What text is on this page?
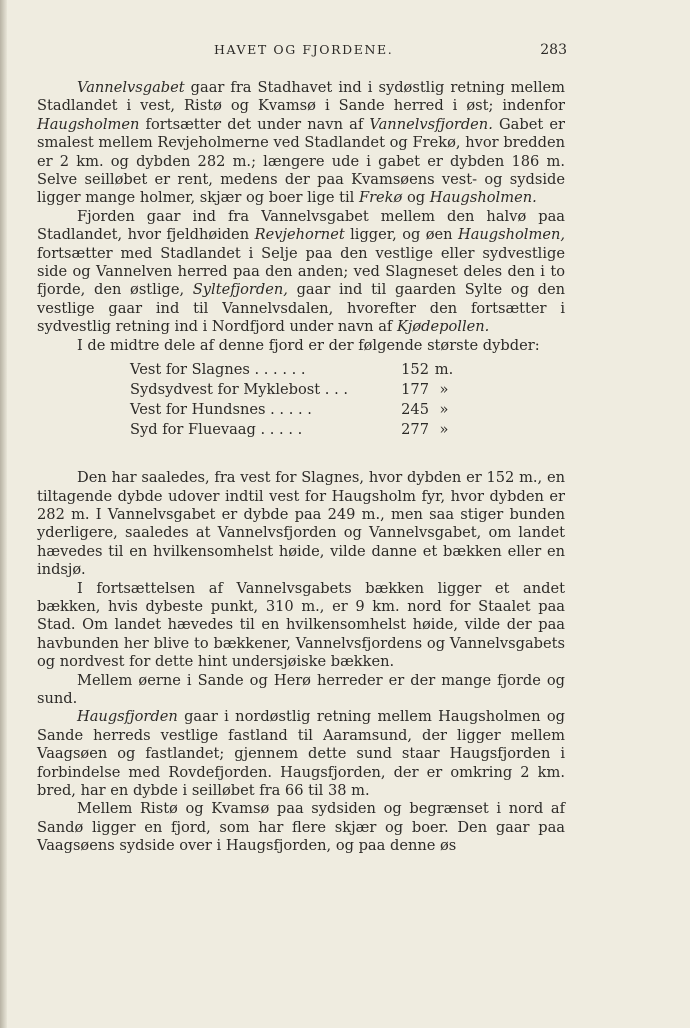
HAVET OG FJORDENE.	283

Vannelvsgabet gaar fra Stadhavet ind i sydøstlig retning mellem Stadlandet i vest, Ristø og Kvamsø i Sande herred i øst; indenfor Haugsholmen fortsætter det under navn af Vannelvsfjorden. Gabet er smalest mellem Revjeholmerne ved Stadlandet og Frekø, hvor bredden er 2 km. og dybden 282 m.; længere ude i gabet er dybden 186 m. Selve seilløbet er rent, medens der paa Kvamsøens vest- og sydside ligger mange holmer, skjær og boer lige til Frekø og Haugsholmen.

Fjorden gaar ind fra Vannelvsgabet mellem den halvø paa Stadlandet, hvor fjeldhøiden Revjehornet ligger, og øen Haugsholmen, fortsætter med Stadlandet i Selje paa den vestlige eller sydvestlige side og Vannelven herred paa den anden; ved Slagneset deles den i to fjorde, den østlige, Syltefjorden, gaar ind til gaarden Sylte og den vestlige gaar ind til Vannelvsdalen, hvorefter den fortsætter i sydvestlig retning ind i Nordfjord under navn af Kjødepollen.

I de midtre dele af denne fjord er der følgende største dybder:

Vest for Slagnes . . . . . .	152	m.
Sydsydvest for Myklebost . . .	177	»
Vest for Hundsnes . . . . .	245	»
Syd for Fluevaag . . . . .	277	»

Den har saaledes, fra vest for Slagnes, hvor dybden er 152 m., en tiltagende dybde udover indtil vest for Haugsholm fyr, hvor dybden er 282 m. I Vannelvsgabet er dybde paa 249 m., men saa stiger bunden yderligere, saaledes at Vannelvsfjorden og Vannelvsgabet, om landet hævedes til en hvilkensomhelst høide, vilde danne et bækken eller en indsjø.

I fortsættelsen af Vannelvsgabets bækken ligger et andet bækken, hvis dybeste punkt, 310 m., er 9 km. nord for Staalet paa Stad. Om landet hævedes til en hvilkensomhelst høide, vilde der paa havbunden her blive to bækkener, Vannelvsfjordens og Vannelvsgabets og nordvest for dette hint undersjøiske bækken.

Mellem øerne i Sande og Herø herreder er der mange fjorde og sund.

Haugsfjorden gaar i nordøstlig retning mellem Haugsholmen og Sande herreds vestlige fastland til Aaramsund, der ligger mellem Vaagsøen og fastlandet; gjennem dette sund staar Haugsfjorden i forbindelse med Rovdefjorden. Haugsfjorden, der er omkring 2 km. bred, har en dybde i seilløbet fra 66 til 38 m.

Mellem Ristø og Kvamsø paa sydsiden og begrænset i nord af Sandø ligger en fjord, som har flere skjær og boer. Den gaar paa Vaagsøens sydside over i Haugsfjorden, og paa denne øs
